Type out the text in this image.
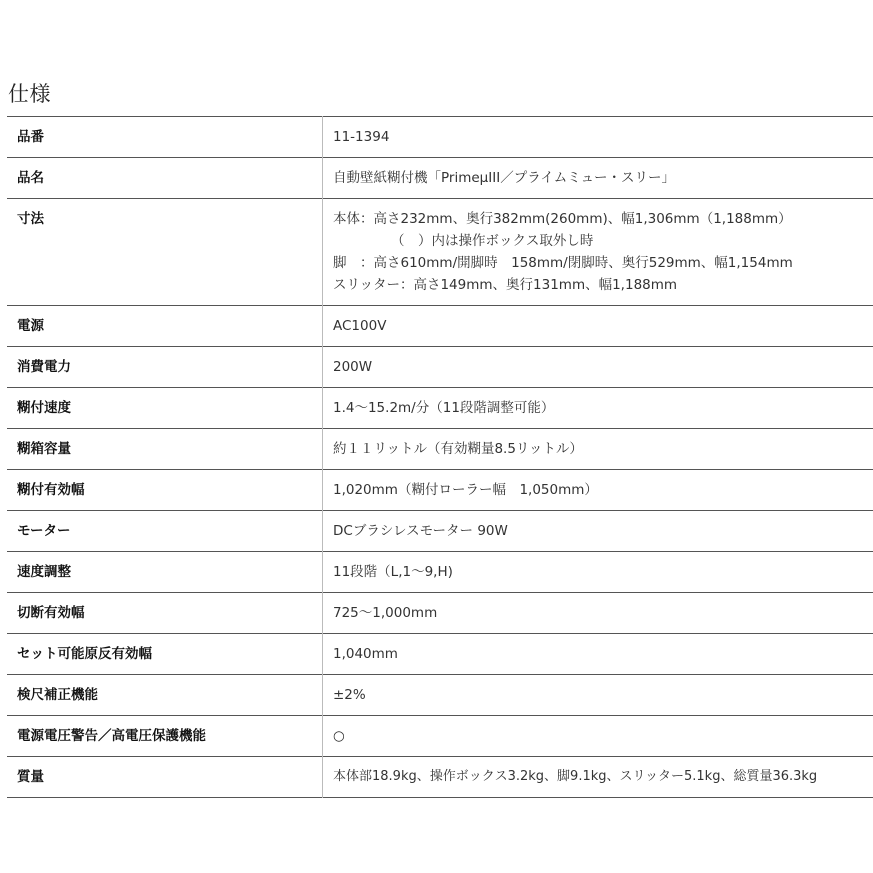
仕様
品番	11-1394

品名	自動壁紙糊付機「PrimeμIII／プライムミュー・スリー」

寸法	本体：高さ232mm、奥行382mm(260mm)、幅1,306mm（1,188mm）
（　）内は操作ボックス取外し時
脚　：高さ610mm/開脚時　158mm/閉脚時、奥行529mm、幅1,154mm
スリッター：高さ149mm、奥行131mm、幅1,188mm

電源	AC100V

消費電力	200W

糊付速度	1.4～15.2m/分（11段階調整可能）

糊箱容量	約１１リットル（有効糊量8.5リットル）

糊付有効幅	1,020mm（糊付ローラー幅　1,050mm）

モーター	DCブラシレスモーター 90W

速度調整	11段階（L,1～9,H)

切断有効幅	725～1,000mm

セット可能原反有効幅	1,040mm

検尺補正機能	±2%

電源電圧警告／高電圧保護機能	○

質量	本体部18.9kg、操作ボックス3.2kg、脚9.1kg、スリッター5.1kg、総質量36.3kg
